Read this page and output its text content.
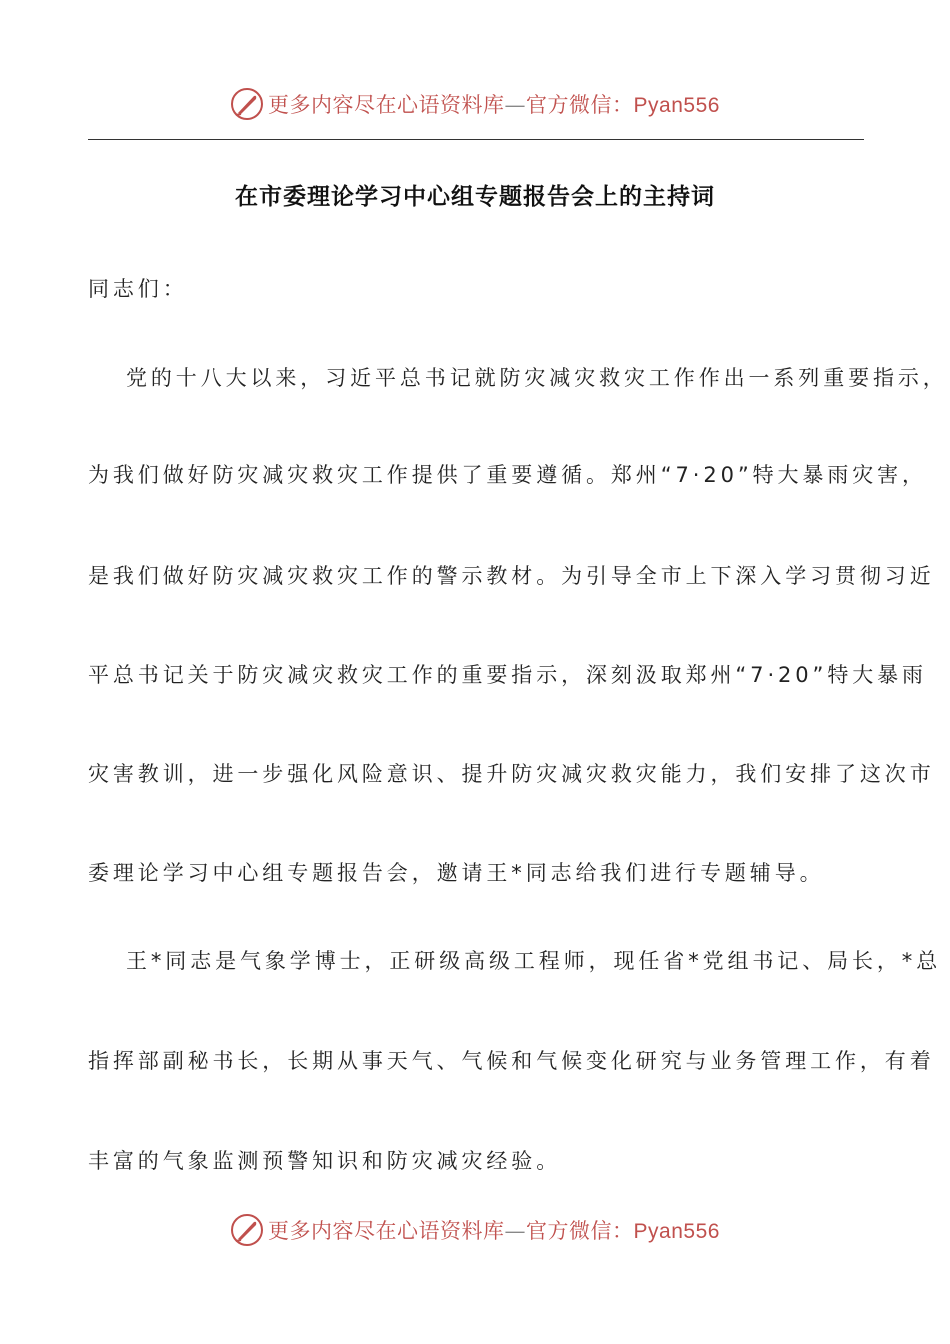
更多内容尽在心语资料库—官方微信：Pyan556
在市委理论学习中心组专题报告会上的主持词
同志们：
党的十八大以来，习近平总书记就防灾减灾救灾工作作出一系列重要指示，
为我们做好防灾减灾救灾工作提供了重要遵循。郑州“7·20”特大暴雨灾害，
是我们做好防灾减灾救灾工作的警示教材。为引导全市上下深入学习贯彻习近
平总书记关于防灾减灾救灾工作的重要指示，深刻汲取郑州“7·20”特大暴雨
灾害教训，进一步强化风险意识、提升防灾减灾救灾能力，我们安排了这次市
委理论学习中心组专题报告会，邀请王*同志给我们进行专题辅导。
王*同志是气象学博士，正研级高级工程师，现任省*党组书记、局长，*总
指挥部副秘书长，长期从事天气、气候和气候变化研究与业务管理工作，有着
丰富的气象监测预警知识和防灾减灾经验。
更多内容尽在心语资料库—官方微信：Pyan556
